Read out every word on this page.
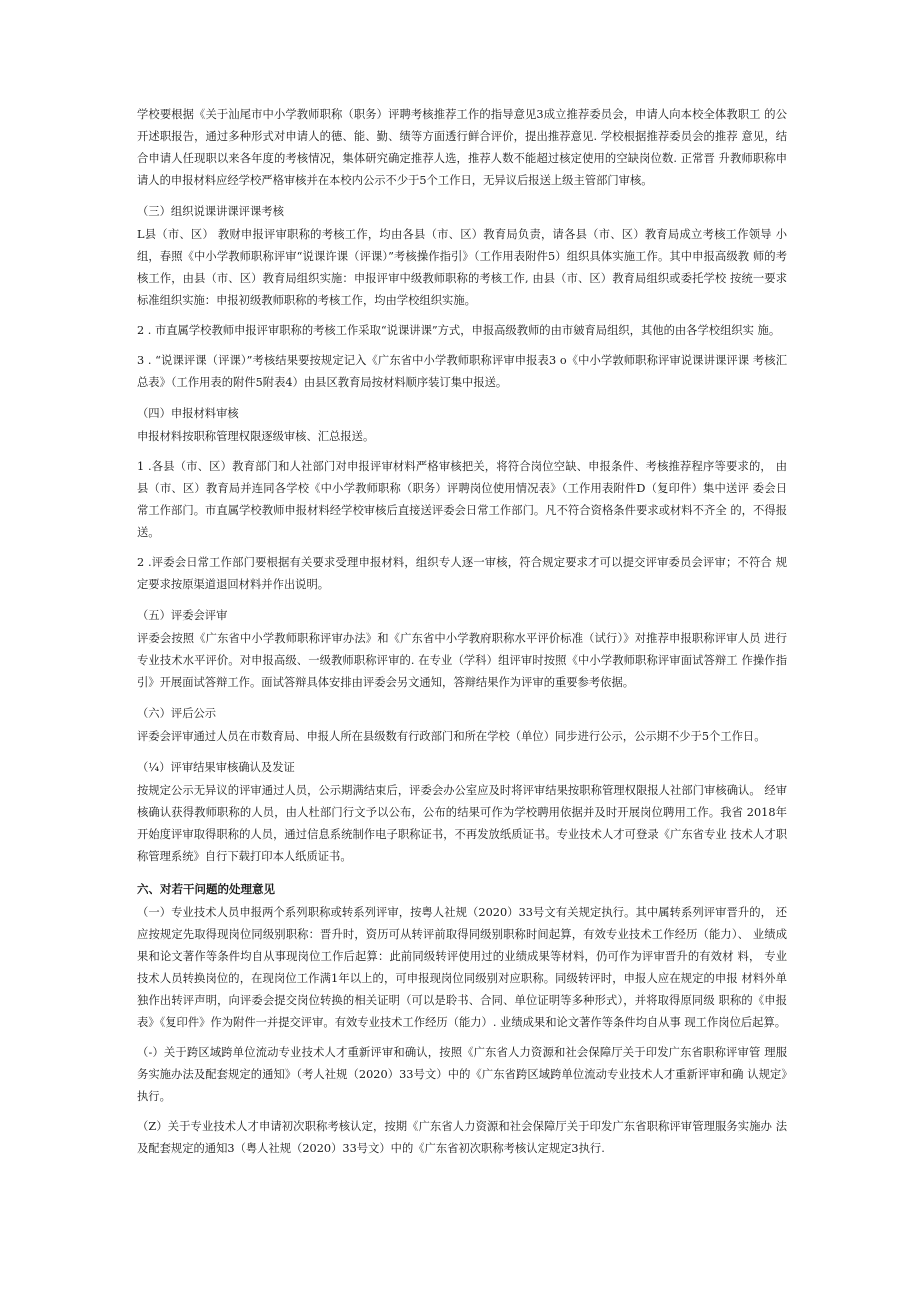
学校要根据《关于汕尾市中小学教师职称（职务）评聘考核推荐工作的指导意见3成立推荐委员会，申请人向本校全体教职工 的公开述职报告，通过多种形式对申请人的德、能、勤、绩等方面透行鲜合评价，提出推荐意见. 学校根据推荐委员会的推荐 意见，结合申请人任现职以来各年度的考核情况，集体研究确定推荐人选，推荐人数不能超过核定使用的空缺岗位数. 正常晋 升教师职称申请人的申报材料应经学校严格审核并在本校内公示不少于5个工作日，无异议后报送上级主管部门审核。

（三）组织说课讲课评课考核

L县（市、区） 教财申报评审职称的考核工作，均由各县（市、区）教育局负责，请各县（市、区）教育局成立考核工作领导 小组，春照《中小学教师职称评审“说课许课（评课）”考核操作指引》（工作用表附件5）组织具体实施工作。其中申报高级教 师的考核工作，由县（市、区）教育局组织实施：申报评审中级教师职称的考核工作, 由县（市、区）教育局组织或委托学校 按统一要求标准组织实施：申报初级教师职称的考核工作，均由学校组织实施。

2 . 市直属学校教师申报评审职称的考核工作采取“说课讲课”方式，申报高级教师的由市皴育局组织，其他的由各学校组织实 施。

3 . “说课评课（评课）”考核结果要按规定记入《广东省中小学教师职称评审申报表3 o《中小学敦师职称评审说课讲课评课 考核汇总表》（工作用表的附件5附表4）由县区教育局按材料顺序装订集中报送。

（四）申报材料审核

申报材料按职称管理权限逐级审核、汇总报送。

1 .各县（市、区）教育部门和人社部门对申报评审材料严格审核把关，将符合岗位空缺、申报条件、考核推荐程序等要求的， 由县（市、区）教育局并连同各学校《中小学教师职称（职务）评聘岗位使用情况表》（工作用表附件D（复印件）集中送评 委会日常工作部门。市直属学校教师申报材料经学校审核后直接送评委会日常工作部门。凡不符合资格条件要求或材料不齐全 的，不得报送。

2 .评委会日常工作部门要根据有关要求受理申报材料，组织专人逐一审核，符合规定要求才可以提交评审委员会评审；不符合 规定要求按原渠道退回材料并作出说明。

（五）评委会评审

评委会按照《广东省中小学教师职称评审办法》和《广东省中小学教府职称水平评价标准（试行）》对推荐申报职称评审人员 进行专业技术水平评价。对申报高级、一级教师职称评审的. 在专业（学科）组评审时按照《中小学教师职称评审面试答辩工 作操作指引》开展面试答辩工作。面试答辩具体安排由评委会另文通知，答辩结果作为评审的重要参考依据。

（六）评后公示

评委会评审通过人员在市数育局、申报人所在县级数有行政部门和所在学校（单位）同步进行公示，公示期不少于5个工作日。

（¼）评审结果审核确认及发证

按规定公示无异议的评审通过人员，公示期满结束后，评委会办公室应及时将评审结果按职称管理权限报人社部门审核确认。 经审核确认获得教师职称的人员，由人杜部门行文予以公布，公布的结果可作为学校聘用依据并及时开展岗位聘用工作。我省 2018年开始度评审取得职称的人员，通过信息系统制作电子职称证书，不再发放纸质证书。专业技术人才可登录《广东省专业 技术人才职称管理系统》自行下载打印本人纸质证书。

六、对若干问题的处理意见

（一）专业技术人员申报两个系列职称或转系列评审，按粤人社规（2020）33号文有关规定执行。其中属转系列评审晋升的， 还应按规定先取得现岗位同级别职称：晋升时，资历可从转评前取得同级别职称时间起算，有效专业技术工作经历（能力）、 业绩成果和论文著作等条件均自从事现岗位工作后起算：此前同级转评使用过的业绩成果等材料，仍可作为评审晋升的有效材 料， 专业技术人员转换岗位的，在现岗位工作满1年以上的，可申报现岗位同级别对应职称。同级转评时，申报人应在规定的申报 材料外单独作出转评声明，向评委会提交岗位转换的相关证明（可以是聆书、合同、单位证明等多种形式），并将取得原同级 职称的《申报表》《复印件》作为附件一并提交评审。有效专业技术工作经历（能力）. 业绩成果和论文著作等条件均自从事 现工作岗位后起算。

（-）关于跨区域跨单位流动专业技术人才重新评审和确认，按照《广东省人力资源和社会保障厅关于印发广东省职称评审管 理服务实施办法及配套规定的通知》（考人社规（2020）33号文）中的《广东省跨区域跨单位流动专业技术人才重新评审和确 认规定》执行。

（Z）关于专业技术人才申请初次职称考核认定，按期《广东省人力资源和社会保障厅关于印发广东省职称评审管理服务实施办 法及配套规定的通知3（粤人社规（2020）33号文）中的《广东省初次职称考核认定规定3执行.
